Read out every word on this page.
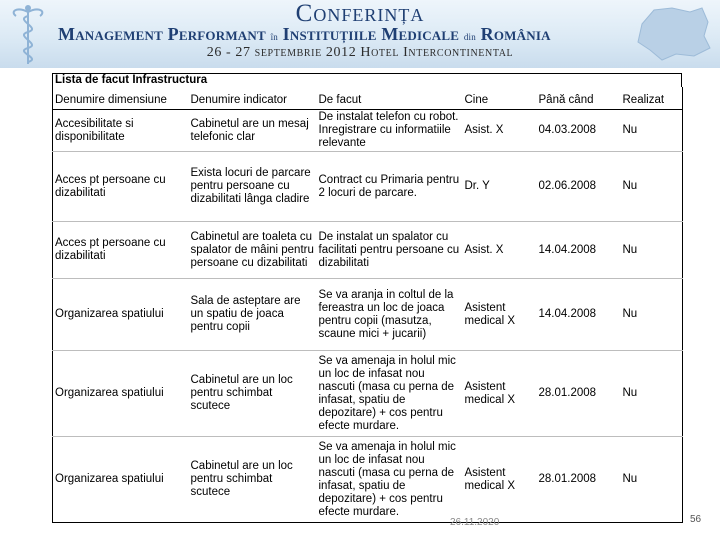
Conferința
Management Performant în Instituțiile Medicale din România
26 - 27 septembrie 2012 Hotel Intercontinental
Lista de facut Infrastructura
Denumire dimensiune	Denumire indicator	De facut	Cine	Până când	Realizat
Accesibilitate si disponibilitate	Cabinetul are un mesaj telefonic clar	De instalat telefon cu robot. Inregistrare cu informatiile relevante	Asist. X	04.03.2008	Nu
Acces pt persoane cu dizabilitati	Exista locuri de parcare pentru persoane cu dizabilitati lânga cladire	Contract cu Primaria pentru 2 locuri de parcare.	Dr. Y	02.06.2008	Nu
Acces pt persoane cu dizabilitati	Cabinetul are toaleta cu spalator de mâini pentru persoane cu dizabilitati	De instalat un spalator cu facilitati pentru persoane cu dizabilitati	Asist. X	14.04.2008	Nu
Organizarea spatiului	Sala de asteptare are un spatiu de joaca pentru copii	Se va aranja in coltul de la fereastra un loc de joaca pentru copii (masutza, scaune mici + jucarii)	Asistent medical X	14.04.2008	Nu
Organizarea spatiului	Cabinetul are un loc pentru schimbat scutece	Se va amenaja in holul mic un loc de infasat nou nascuti (masa cu perna de infasat, spatiu de depozitare) + cos pentru efecte murdare.	Asistent medical X	28.01.2008	Nu
Organizarea spatiului	Cabinetul are un loc pentru schimbat scutece	Se va amenaja in holul mic un loc de infasat nou nascuti (masa cu perna de infasat, spatiu de depozitare) + cos pentru efecte murdare.	Asistent medical X	28.01.2008	Nu
26.11.2020	56
